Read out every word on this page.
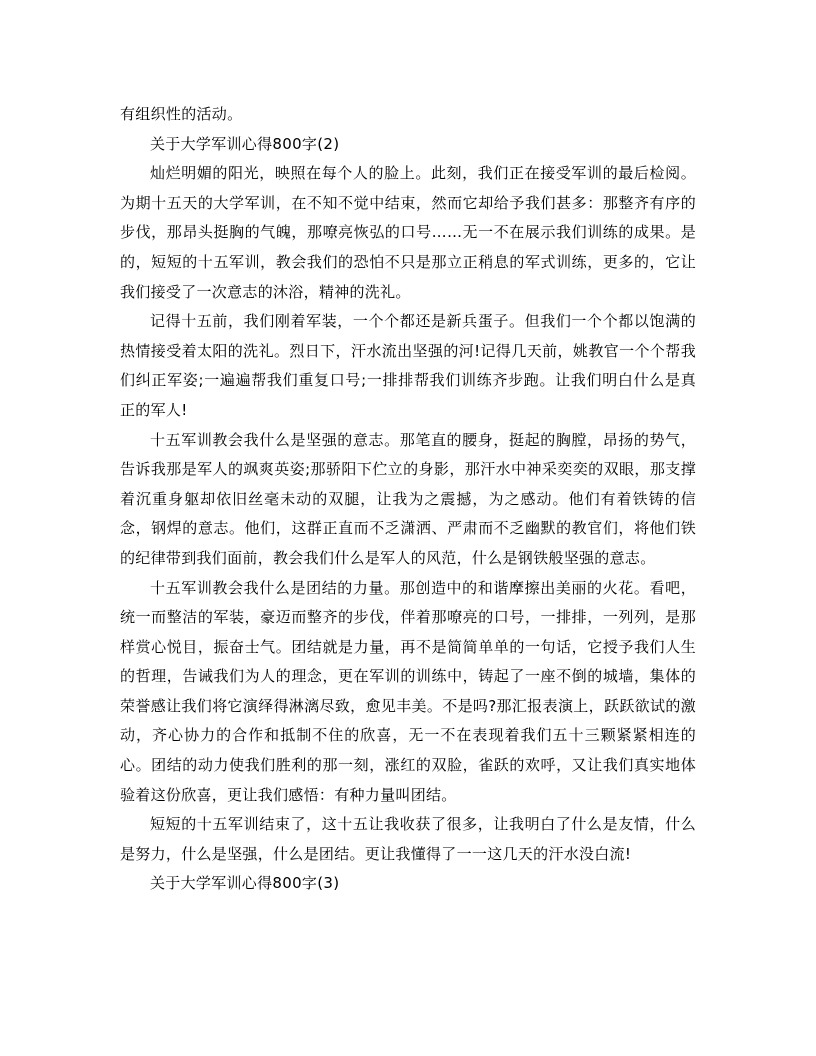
有组织性的活动。

关于大学军训心得800字(2)

灿烂明媚的阳光，映照在每个人的脸上。此刻，我们正在接受军训的最后检阅。为期十五天的大学军训，在不知不觉中结束，然而它却给予我们甚多：那整齐有序的步伐，那昂头挺胸的气魄，那嘹亮恢弘的口号……无一不在展示我们训练的成果。是的，短短的十五军训，教会我们的恐怕不只是那立正稍息的军式训练，更多的，它让我们接受了一次意志的沐浴，精神的洗礼。

记得十五前，我们刚着军装，一个个都还是新兵蛋子。但我们一个个都以饱满的热情接受着太阳的洗礼。烈日下，汗水流出坚强的河!记得几天前，姚教官一个个帮我们纠正军姿;一遍遍帮我们重复口号;一排排帮我们训练齐步跑。让我们明白什么是真正的军人!

十五军训教会我什么是坚强的意志。那笔直的腰身，挺起的胸膛，昂扬的势气，告诉我那是军人的飒爽英姿;那骄阳下伫立的身影，那汗水中神采奕奕的双眼，那支撑着沉重身躯却依旧丝毫未动的双腿，让我为之震撼，为之感动。他们有着铁铸的信念，钢焊的意志。他们，这群正直而不乏潇洒、严肃而不乏幽默的教官们，将他们铁的纪律带到我们面前，教会我们什么是军人的风范，什么是钢铁般坚强的意志。

十五军训教会我什么是团结的力量。那创造中的和谐摩擦出美丽的火花。看吧，统一而整洁的军装，豪迈而整齐的步伐，伴着那嘹亮的口号，一排排，一列列，是那样赏心悦目，振奋士气。团结就是力量，再不是简简单单的一句话，它授予我们人生的哲理，告诫我们为人的理念，更在军训的训练中，铸起了一座不倒的城墙，集体的荣誉感让我们将它演绎得淋漓尽致，愈见丰美。不是吗?那汇报表演上，跃跃欲试的激动，齐心协力的合作和抵制不住的欣喜，无一不在表现着我们五十三颗紧紧相连的心。团结的动力使我们胜利的那一刻，涨红的双脸，雀跃的欢呼，又让我们真实地体验着这份欣喜，更让我们感悟：有种力量叫团结。

短短的十五军训结束了，这十五让我收获了很多，让我明白了什么是友情，什么是努力，什么是坚强，什么是团结。更让我懂得了一一这几天的汗水没白流!

关于大学军训心得800字(3)
